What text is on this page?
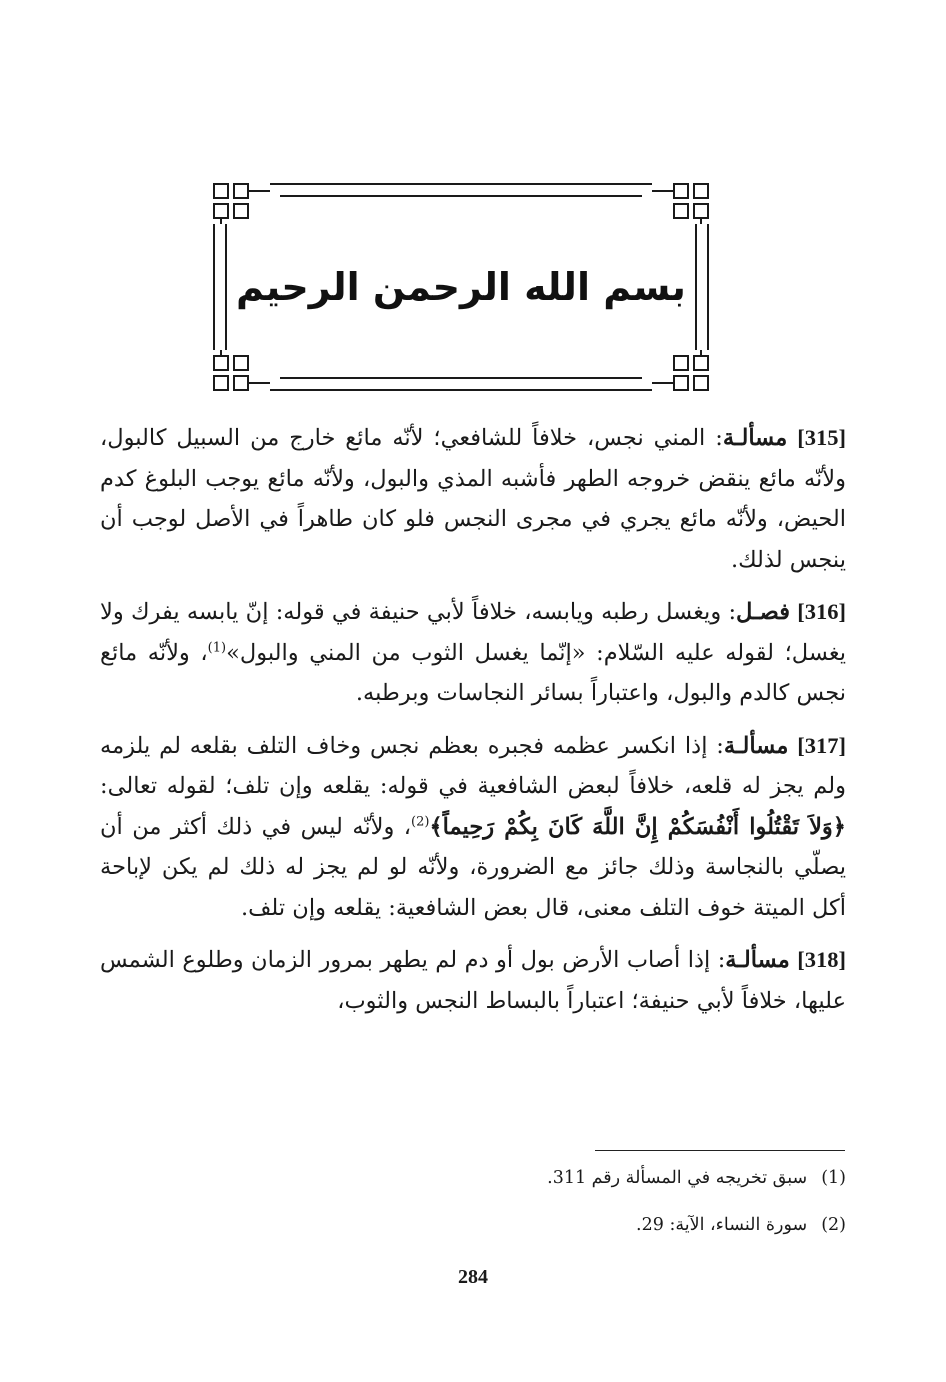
بسم الله الرحمن الرحيم

[315] مسألـة: المني نجس، خلافاً للشافعي؛ لأنّه مائع خارج من السبيل كالبول، ولأنّه مائع ينقض خروجه الطهر فأشبه المذي والبول، ولأنّه مائع يوجب البلوغ كدم الحيض، ولأنّه مائع يجري في مجرى النجس فلو كان طاهراً في الأصل لوجب أن ينجس لذلك.

[316] فصـل: ويغسل رطبه ويابسه، خلافاً لأبي حنيفة في قوله: إنّ يابسه يفرك ولا يغسل؛ لقوله عليه السّلام: «إنّما يغسل الثوب من المني والبول»$^{(1)}$، ولأنّه مائع نجس كالدم والبول، واعتباراً بسائر النجاسات وبرطبه.

[317] مسألـة: إذا انكسر عظمه فجبره بعظم نجس وخاف التلف بقلعه لم يلزمه ولم يجز له قلعه، خلافاً لبعض الشافعية في قوله: يقلعه وإن تلف؛ لقوله تعالى: ﴿وَلاَ تَقْتُلُوا أَنْفُسَكُمْ إِنَّ اللَّهَ كَانَ بِكُمْ رَحِيماً﴾$^{(2)}$، ولأنّه ليس في ذلك أكثر من أن يصلّي بالنجاسة وذلك جائز مع الضرورة، ولأنّه لو لم يجز له ذلك لم يكن لإباحة أكل الميتة خوف التلف معنى، قال بعض الشافعية: يقلعه وإن تلف.

[318] مسألـة: إذا أصاب الأرض بول أو دم لم يطهر بمرور الزمان وطلوع الشمس عليها، خلافاً لأبي حنيفة؛ اعتباراً بالبساط النجس والثوب،

(1)سبق تخريجه في المسألة رقم 311.
(2)سورة النساء، الآية: 29.
284
